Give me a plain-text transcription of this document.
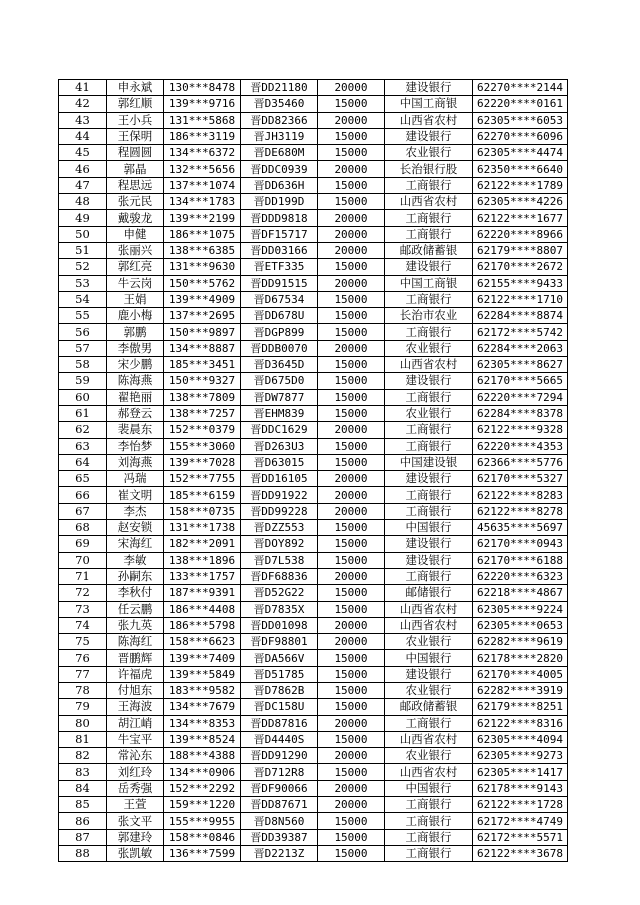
41	申永斌	130***8478	晋DD21180	20000	建设银行	62270****2144
42	郭红顺	139***9716	晋D35460	15000	中国工商银	62220****0161
43	王小兵	131***5868	晋DD82366	20000	山西省农村	62305****6053
44	王保明	186***3119	晋JH3119	15000	建设银行	62270****6096
45	程圆圆	134***6372	晋DE680M	15000	农业银行	62305****4474
46	郭晶	132***5656	晋DDC0939	20000	长治银行股	62350****6640
47	程思远	137***1074	晋DD636H	15000	工商银行	62122****1789
48	张元民	134***1783	晋DD199D	15000	山西省农村	62305****4226
49	戴骏龙	139***2199	晋DDD9818	20000	工商银行	62122****1677
50	申健	186***1075	晋DF15717	20000	工商银行	62220****8966
51	张丽兴	138***6385	晋DD03166	20000	邮政储蓄银	62179****8807
52	郭红亮	131***9630	晋ETF335	15000	建设银行	62170****2672
53	牛云岗	150***5762	晋DD91515	20000	中国工商银	62155****9433
54	王娟	139***4909	晋D67534	15000	工商银行	62122****1710
55	鹿小梅	137***2695	晋DD678U	15000	长治市农业	62284****8874
56	郭鹏	150***9897	晋DGP899	15000	工商银行	62172****5742
57	李傲男	134***8887	晋DDB0070	20000	农业银行	62284****2063
58	宋少鹏	185***3451	晋D3645D	15000	山西省农村	62305****8627
59	陈海燕	150***9327	晋D675D0	15000	建设银行	62170****5665
60	翟艳丽	138***7809	晋DW7877	15000	工商银行	62220****7294
61	郝登云	138***7257	晋EHM839	15000	农业银行	62284****8378
62	裴晨东	152***0379	晋DDC1629	20000	工商银行	62122****9328
63	李怡梦	155***3060	晋D263U3	15000	工商银行	62220****4353
64	刘海燕	139***7028	晋D63015	15000	中国建设银	62366****5776
65	冯瑞	152***7755	晋DD16105	20000	建设银行	62170****5327
66	崔文明	185***6159	晋DD91922	20000	工商银行	62122****8283
67	李杰	158***0735	晋DD99228	20000	工商银行	62122****8278
68	赵安锁	131***1738	晋DZZ553	15000	中国银行	45635****5697
69	宋海红	182***2091	晋DOY892	15000	建设银行	62170****0943
70	李敏	138***1896	晋D7L538	15000	建设银行	62170****6188
71	孙嗣东	133***1757	晋DF68836	20000	工商银行	62220****6323
72	李秋付	187***9391	晋D52G22	15000	邮储银行	62218****4867
73	任云鹏	186***4408	晋D7835X	15000	山西省农村	62305****9224
74	张九英	186***5798	晋DD01098	20000	山西省农村	62305****0653
75	陈海红	158***6623	晋DF98801	20000	农业银行	62282****9619
76	晋鹏辉	139***7409	晋DA566V	15000	中国银行	62178****2820
77	许福虎	139***5849	晋D51785	15000	建设银行	62170****4005
78	付旭东	183***9582	晋D7862B	15000	农业银行	62282****3919
79	王海波	134***7679	晋DC158U	15000	邮政储蓄银	62179****8251
80	胡江峭	134***8353	晋DD87816	20000	工商银行	62122****8316
81	牛宝平	139***8524	晋D4440S	15000	山西省农村	62305****4094
82	常沁东	188***4388	晋DD91290	20000	农业银行	62305****9273
83	刘红玲	134***0906	晋D712R8	15000	山西省农村	62305****1417
84	岳秀强	152***2292	晋DF90066	20000	中国银行	62178****9143
85	王萱	159***1220	晋DD87671	20000	工商银行	62122****1728
86	张文平	155***9955	晋D8N560	15000	工商银行	62172****4749
87	郭建玲	158***0846	晋DD39387	15000	工商银行	62172****5571
88	张凯敏	136***7599	晋D2213Z	15000	工商银行	62122****3678
